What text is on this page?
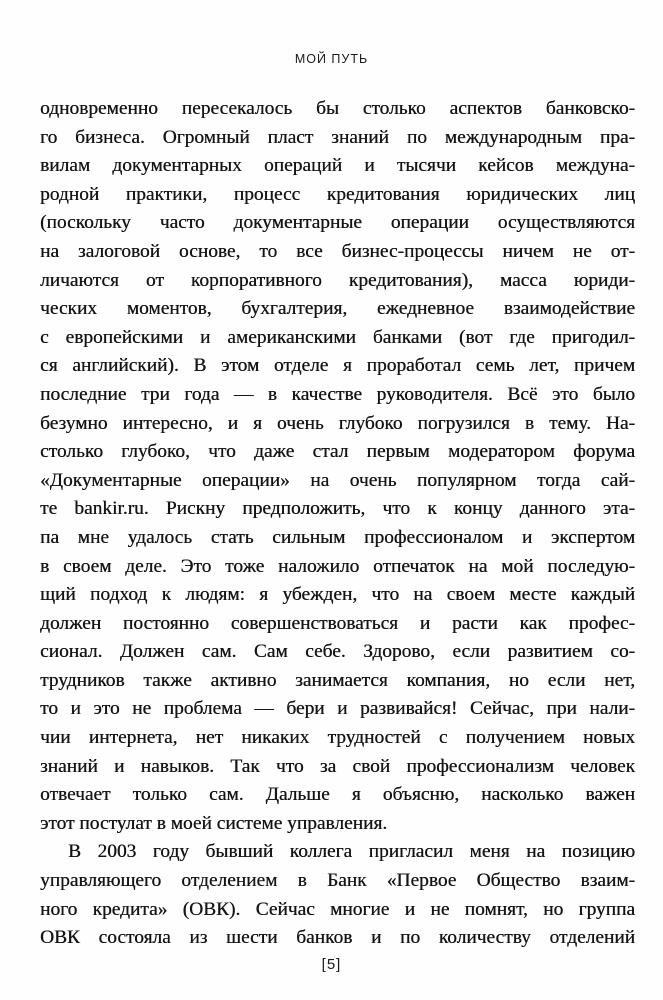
МОЙ ПУТЬ
одновременно пересекалось бы столько аспектов банковско-
го бизнеса. Огромный пласт знаний по международным пра-
вилам документарных операций и тысячи кейсов междуна-
родной практики, процесс кредитования юридических лиц
(поскольку часто документарные операции осуществляются
на залоговой основе, то все бизнес-процессы ничем не от-
личаются от корпоративного кредитования), масса юриди-
ческих моментов, бухгалтерия, ежедневное взаимодействие
с европейскими и американскими банками (вот где пригодил-
ся английский). В этом отделе я проработал семь лет, причем
последние три года — в качестве руководителя. Всё это было
безумно интересно, и я очень глубоко погрузился в тему. На-
столько глубоко, что даже стал первым модератором форума
«Документарные операции» на очень популярном тогда сай-
те bankir.ru. Рискну предположить, что к концу данного эта-
па мне удалось стать сильным профессионалом и экспертом
в своем деле. Это тоже наложило отпечаток на мой последую-
щий подход к людям: я убежден, что на своем месте каждый
должен постоянно совершенствоваться и расти как профес-
сионал. Должен сам. Сам себе. Здорово, если развитием со-
трудников также активно занимается компания, но если нет,
то и это не проблема — бери и развивайся! Сейчас, при нали-
чии интернета, нет никаких трудностей с получением новых
знаний и навыков. Так что за свой профессионализм человек
отвечает только сам. Дальше я объясню, насколько важен
этот постулат в моей системе управления.
В 2003 году бывший коллега пригласил меня на позицию
управляющего отделением в Банк «Первое Общество взаим-
ного кредита» (ОВК). Сейчас многие и не помнят, но группа
ОВК состояла из шести банков и по количеству отделений
[5]
